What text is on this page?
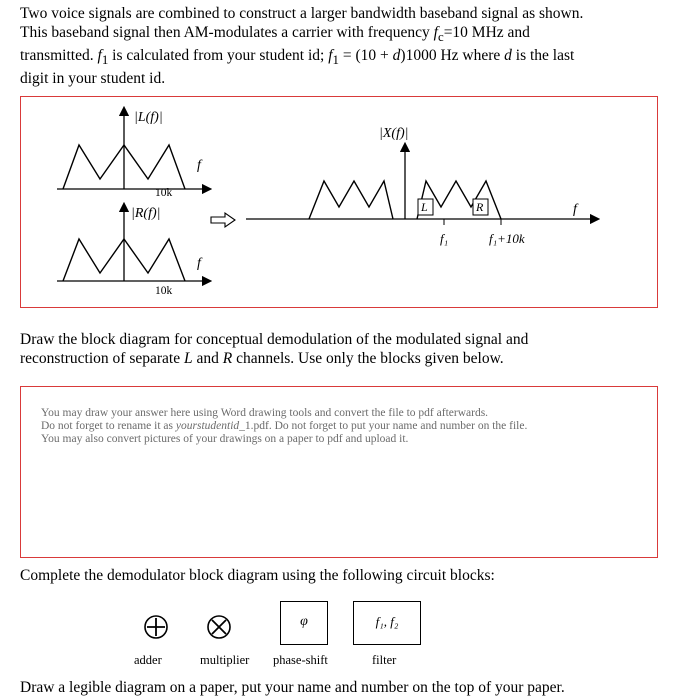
Two voice signals are combined to construct a larger bandwidth baseband signal as shown.
This baseband signal then AM-modulates a carrier with frequency $f_c=10$ MHz and
transmitted. $f_1$ is calculated from your student id; $f_1 = (10 + d)1000$ Hz where d is the last
digit in your student id.
|L(f)|
f
10k
|R(f)|
f
10k
L	R
|X(f)|
f
f₁	f₁+10k
Draw the block diagram for conceptual demodulation of the modulated signal and
reconstruction of separate L and R channels. Use only the blocks given below.
You may draw your answer here using Word drawing tools and convert the file to pdf afterwards.
Do not forget to rename it as yourstudentid_1.pdf. Do not forget to put your name and number on the file.
You may also convert pictures of your drawings on a paper to pdf and upload it.
Complete the demodulator block diagram using the following circuit blocks:
φ	f₁, f₂
adder	multiplier phase-shift	filter
Draw a legible diagram on a paper, put your name and number on the top of your paper.
